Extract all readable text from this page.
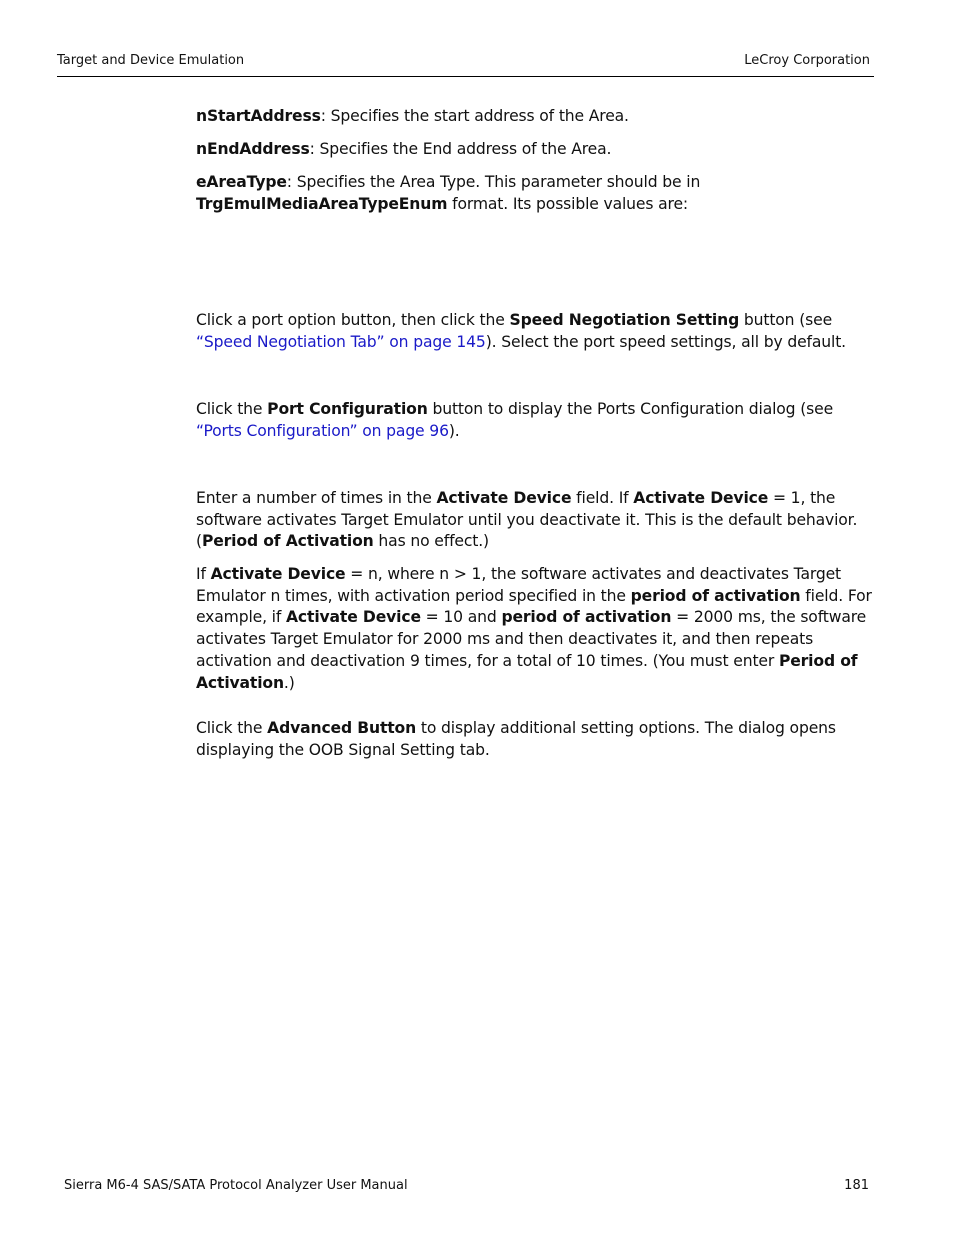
Target and Device Emulation	LeCroy Corporation

nStartAddress: Specifies the start address of the Area.

nEndAddress: Specifies the End address of the Area.

eAreaType: Specifies the Area Type. This parameter should be in
TrgEmulMediaAreaTypeEnum format. Its possible values are:

Click a port option button, then click the Speed Negotiation Setting button (see “Speed Negotiation Tab” on page 145). Select the port speed settings, all by default.

Click the Port Configuration button to display the Ports Configuration dialog (see “Ports Configuration” on page 96).

Enter a number of times in the Activate Device field. If Activate Device = 1, the software activates Target Emulator until you deactivate it. This is the default behavior. (Period of Activation has no effect.)

If Activate Device = n, where n > 1, the software activates and deactivates Target Emulator n times, with activation period specified in the period of activation field. For example, if Activate Device = 10 and period of activation = 2000 ms, the software activates Target Emulator for 2000 ms and then deactivates it, and then repeats activation and deactivation 9 times, for a total of 10 times. (You must enter Period of Activation.)

Click the Advanced Button to display additional setting options. The dialog opens displaying the OOB Signal Setting tab.

Sierra M6-4 SAS/SATA Protocol Analyzer User Manual	181
